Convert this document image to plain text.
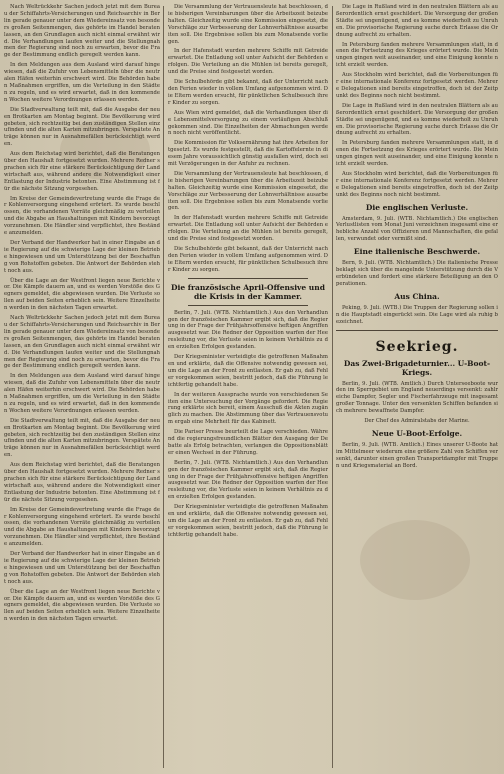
Nach Weltrückkehr Sachen jedoch jetzt mit dem Bureau der Schiffahrts-Versicherungen und Reichsarchiv in Berlin gerade genauer unter dem Wiedereinsatz von besonders großen Seitenmengen, das gehörte im Handel beraten lassen, an den Grundlagen auch nicht einmal erwähnt wird. Die Verhandlungen laufen weiter und die Stellungnahmen der Regierung sind noch zu erwarten, bevor die Frage der Bestimmung endlich geregelt werden kann.

In den Meldungen aus dem Ausland wird darauf hingewiesen, daß die Zufuhr von Lebensmitteln über die neutralen Häfen weiterhin erschwert wird. Die Behörden haben Maßnahmen ergriffen, um die Verteilung in den Städten zu regeln, und es wird erwartet, daß in den kommenden Wochen weitere Verordnungen erlassen werden.

Die Stadtverwaltung teilt mit, daß die Ausgabe der neuen Brotkarten am Montag beginnt. Die Bevölkerung wird gebeten, sich rechtzeitig bei den zuständigen Stellen einzufinden und die alten Karten mitzubringen. Verspätete Anträge können nur in Ausnahmefällen berücksichtigt werden.

Aus dem Reichstag wird berichtet, daß die Beratungen über den Haushalt fortgesetzt wurden. Mehrere Redner sprachen sich für eine stärkere Berücksichtigung der Landwirtschaft aus, während andere die Notwendigkeit einer Entlastung der Industrie betonten. Eine Abstimmung ist für die nächste Sitzung vorgesehen.

Im Kreise der Gemeindevertretung wurde die Frage der Kohlenversorgung eingehend erörtert. Es wurde beschlossen, die vorhandenen Vorräte gleichmäßig zu verteilen und die Abgabe an Haushaltungen mit Kindern bevorzugt vorzunehmen. Die Händler sind verpflichtet, ihre Bestände anzumelden.

Der Verband der Handwerker hat in einer Eingabe an die Regierung auf die schwierige Lage der kleinen Betriebe hingewiesen und um Unterstützung bei der Beschaffung von Rohstoffen gebeten. Die Antwort der Behörden steht noch aus.

Über die Lage an der Westfront liegen neue Berichte vor. Die Kämpfe dauern an, und es werden Vorstöße des Gegners gemeldet, die abgewiesen wurden. Die Verluste sollen auf beiden Seiten erheblich sein. Weitere Einzelheiten werden in den nächsten Tagen erwartet.

Nach Weltrückkehr Sachen jedoch jetzt mit dem Bureau der Schiffahrts-Versicherungen und Reichsarchiv in Berlin gerade genauer unter dem Wiedereinsatz von besonders großen Seitenmengen, das gehörte im Handel beraten lassen, an den Grundlagen auch nicht einmal erwähnt wird. Die Verhandlungen laufen weiter und die Stellungnahmen der Regierung sind noch zu erwarten, bevor die Frage der Bestimmung endlich geregelt werden kann.

In den Meldungen aus dem Ausland wird darauf hingewiesen, daß die Zufuhr von Lebensmitteln über die neutralen Häfen weiterhin erschwert wird. Die Behörden haben Maßnahmen ergriffen, um die Verteilung in den Städten zu regeln, und es wird erwartet, daß in den kommenden Wochen weitere Verordnungen erlassen werden.

Die Stadtverwaltung teilt mit, daß die Ausgabe der neuen Brotkarten am Montag beginnt. Die Bevölkerung wird gebeten, sich rechtzeitig bei den zuständigen Stellen einzufinden und die alten Karten mitzubringen. Verspätete Anträge können nur in Ausnahmefällen berücksichtigt werden.

Aus dem Reichstag wird berichtet, daß die Beratungen über den Haushalt fortgesetzt wurden. Mehrere Redner sprachen sich für eine stärkere Berücksichtigung der Landwirtschaft aus, während andere die Notwendigkeit einer Entlastung der Industrie betonten. Eine Abstimmung ist für die nächste Sitzung vorgesehen.

Im Kreise der Gemeindevertretung wurde die Frage der Kohlenversorgung eingehend erörtert. Es wurde beschlossen, die vorhandenen Vorräte gleichmäßig zu verteilen und die Abgabe an Haushaltungen mit Kindern bevorzugt vorzunehmen. Die Händler sind verpflichtet, ihre Bestände anzumelden.

Der Verband der Handwerker hat in einer Eingabe an die Regierung auf die schwierige Lage der kleinen Betriebe hingewiesen und um Unterstützung bei der Beschaffung von Rohstoffen gebeten. Die Antwort der Behörden steht noch aus.

Über die Lage an der Westfront liegen neue Berichte vor. Die Kämpfe dauern an, und es werden Vorstöße des Gegners gemeldet, die abgewiesen wurden. Die Verluste sollen auf beiden Seiten erheblich sein. Weitere Einzelheiten werden in den nächsten Tagen erwartet.

Die Versammlung der Vertrauensleute hat beschlossen, die bisherigen Vereinbarungen über die Arbeitszeit beizubehalten. Gleichzeitig wurde eine Kommission eingesetzt, die Vorschläge zur Verbesserung der Lohnverhältnisse ausarbeiten soll. Die Ergebnisse sollen bis zum Monatsende vorliegen.

In der Hafenstadt wurden mehrere Schiffe mit Getreide erwartet. Die Entladung soll unter Aufsicht der Behörden erfolgen. Die Verteilung an die Mühlen ist bereits geregelt, und die Preise sind festgesetzt worden.

Die Schulbehörde gibt bekannt, daß der Unterricht nach den Ferien wieder in vollem Umfang aufgenommen wird. Die Eltern werden ersucht, für pünktlichen Schulbesuch ihrer Kinder zu sorgen.

Aus Wien wird gemeldet, daß die Verhandlungen über die Lebensmittelversorgung zu einem vorläufigen Abschluß gekommen sind. Die Einzelheiten der Abmachungen werden noch nicht veröffentlicht.

Die Kommission für Volksernährung hat ihre Arbeiten fortgesetzt. Es wurde festgestellt, daß die Kartoffelernte in diesem Jahre voraussichtlich günstig ausfallen wird, doch sei mit Verzögerungen in der Anfuhr zu rechnen.

Die Versammlung der Vertrauensleute hat beschlossen, die bisherigen Vereinbarungen über die Arbeitszeit beizubehalten. Gleichzeitig wurde eine Kommission eingesetzt, die Vorschläge zur Verbesserung der Lohnverhältnisse ausarbeiten soll. Die Ergebnisse sollen bis zum Monatsende vorliegen.

In der Hafenstadt wurden mehrere Schiffe mit Getreide erwartet. Die Entladung soll unter Aufsicht der Behörden erfolgen. Die Verteilung an die Mühlen ist bereits geregelt, und die Preise sind festgesetzt worden.

Die Schulbehörde gibt bekannt, daß der Unterricht nach den Ferien wieder in vollem Umfang aufgenommen wird. Die Eltern werden ersucht, für pünktlichen Schulbesuch ihrer Kinder zu sorgen.

Die französische April-Offensive und die Krisis in der Kammer.

Berlin, 7. Juli. (WTB. Nichtamtlich.) Aus den Verhandlungen der französischen Kammer ergibt sich, daß die Regierung in der Frage der Frühjahrsoffensive heftigen Angriffen ausgesetzt war. Die Redner der Opposition warfen der Heeresleitung vor, die Verluste seien in keinem Verhältnis zu den erzielten Erfolgen gestanden.

Der Kriegsminister verteidigte die getroffenen Maßnahmen und erklärte, daß die Offensive notwendig gewesen sei, um die Lage an der Front zu entlasten. Er gab zu, daß Fehler vorgekommen seien, bestritt jedoch, daß die Führung leichtfertig gehandelt habe.

In der weiteren Aussprache wurde von verschiedenen Seiten eine Untersuchung der Vorgänge gefordert. Die Regierung erklärte sich bereit, einem Ausschuß die Akten zugänglich zu machen. Die Abstimmung über das Vertrauensvotum ergab eine Mehrheit für das Kabinett.

Die Pariser Presse beurteilt die Lage verschieden. Während die regierungsfreundlichen Blätter den Ausgang der Debatte als Erfolg betrachten, verlangen die Oppositionsblätter einen Wechsel in der Führung.

Berlin, 7. Juli. (WTB. Nichtamtlich.) Aus den Verhandlungen der französischen Kammer ergibt sich, daß die Regierung in der Frage der Frühjahrsoffensive heftigen Angriffen ausgesetzt war. Die Redner der Opposition warfen der Heeresleitung vor, die Verluste seien in keinem Verhältnis zu den erzielten Erfolgen gestanden.

Der Kriegsminister verteidigte die getroffenen Maßnahmen und erklärte, daß die Offensive notwendig gewesen sei, um die Lage an der Front zu entlasten. Er gab zu, daß Fehler vorgekommen seien, bestritt jedoch, daß die Führung leichtfertig gehandelt habe.

Die Lage in Rußland wird in den neutralen Blättern als außerordentlich ernst geschildert. Die Versorgung der großen Städte sei ungenügend, und es komme wiederholt zu Unruhen. Die provisorische Regierung suche durch Erlasse die Ordnung aufrecht zu erhalten.

In Petersburg fanden mehrere Versammlungen statt, in denen die Fortsetzung des Krieges erörtert wurde. Die Meinungen gingen weit auseinander, und eine Einigung konnte nicht erzielt werden.

Aus Stockholm wird berichtet, daß die Vorbereitungen für eine internationale Konferenz fortgesetzt werden. Mehrere Delegationen sind bereits eingetroffen, doch ist der Zeitpunkt des Beginns noch nicht bestimmt.

Die Lage in Rußland wird in den neutralen Blättern als außerordentlich ernst geschildert. Die Versorgung der großen Städte sei ungenügend, und es komme wiederholt zu Unruhen. Die provisorische Regierung suche durch Erlasse die Ordnung aufrecht zu erhalten.

In Petersburg fanden mehrere Versammlungen statt, in denen die Fortsetzung des Krieges erörtert wurde. Die Meinungen gingen weit auseinander, und eine Einigung konnte nicht erzielt werden.

Aus Stockholm wird berichtet, daß die Vorbereitungen für eine internationale Konferenz fortgesetzt werden. Mehrere Delegationen sind bereits eingetroffen, doch ist der Zeitpunkt des Beginns noch nicht bestimmt.

Die englischen Verluste.

Amsterdam, 9. Juli. (WTB. Nichtamtlich.) Die englischen Verlustlisten vom Monat Juni verzeichnen insgesamt eine erhebliche Anzahl von Offizieren und Mannschaften, die gefallen, verwundet oder vermißt sind.

Eine italienische Beschwerde.

Bern, 9. Juli. (WTB. Nichtamtlich.) Die italienische Presse beklagt sich über die mangelnde Unterstützung durch die Verbündeten und fordert eine stärkere Beteiligung an den Operationen.

Aus China.

Peking, 9. Juli. (WTB.) Die Truppen der Regierung sollen in die Hauptstadt eingerückt sein. Die Lage wird als ruhig bezeichnet.

Seekrieg.
Das Zwei-Brigadeturnier... U-Boot-Kriegs.

Berlin, 9. Juli. (WTB. Amtlich.) Durch Unterseeboote wurden im Sperrgebiet um England neuerdings versenkt: zahlreiche Dampfer, Segler und Fischerfahrzeuge mit insgesamt großer Tonnage. Unter den versenkten Schiffen befanden sich mehrere bewaffnete Dampfer.

Der Chef des Admiralstabs der Marine.

Neue U-Boot-Erfolge.

Berlin, 9. Juli. (WTB. Amtlich.) Eines unserer U-Boote hat im Mittelmeer wiederum eine größere Zahl von Schiffen versenkt, darunter einen großen Transportdampfer mit Truppen und Kriegsmaterial an Bord.
